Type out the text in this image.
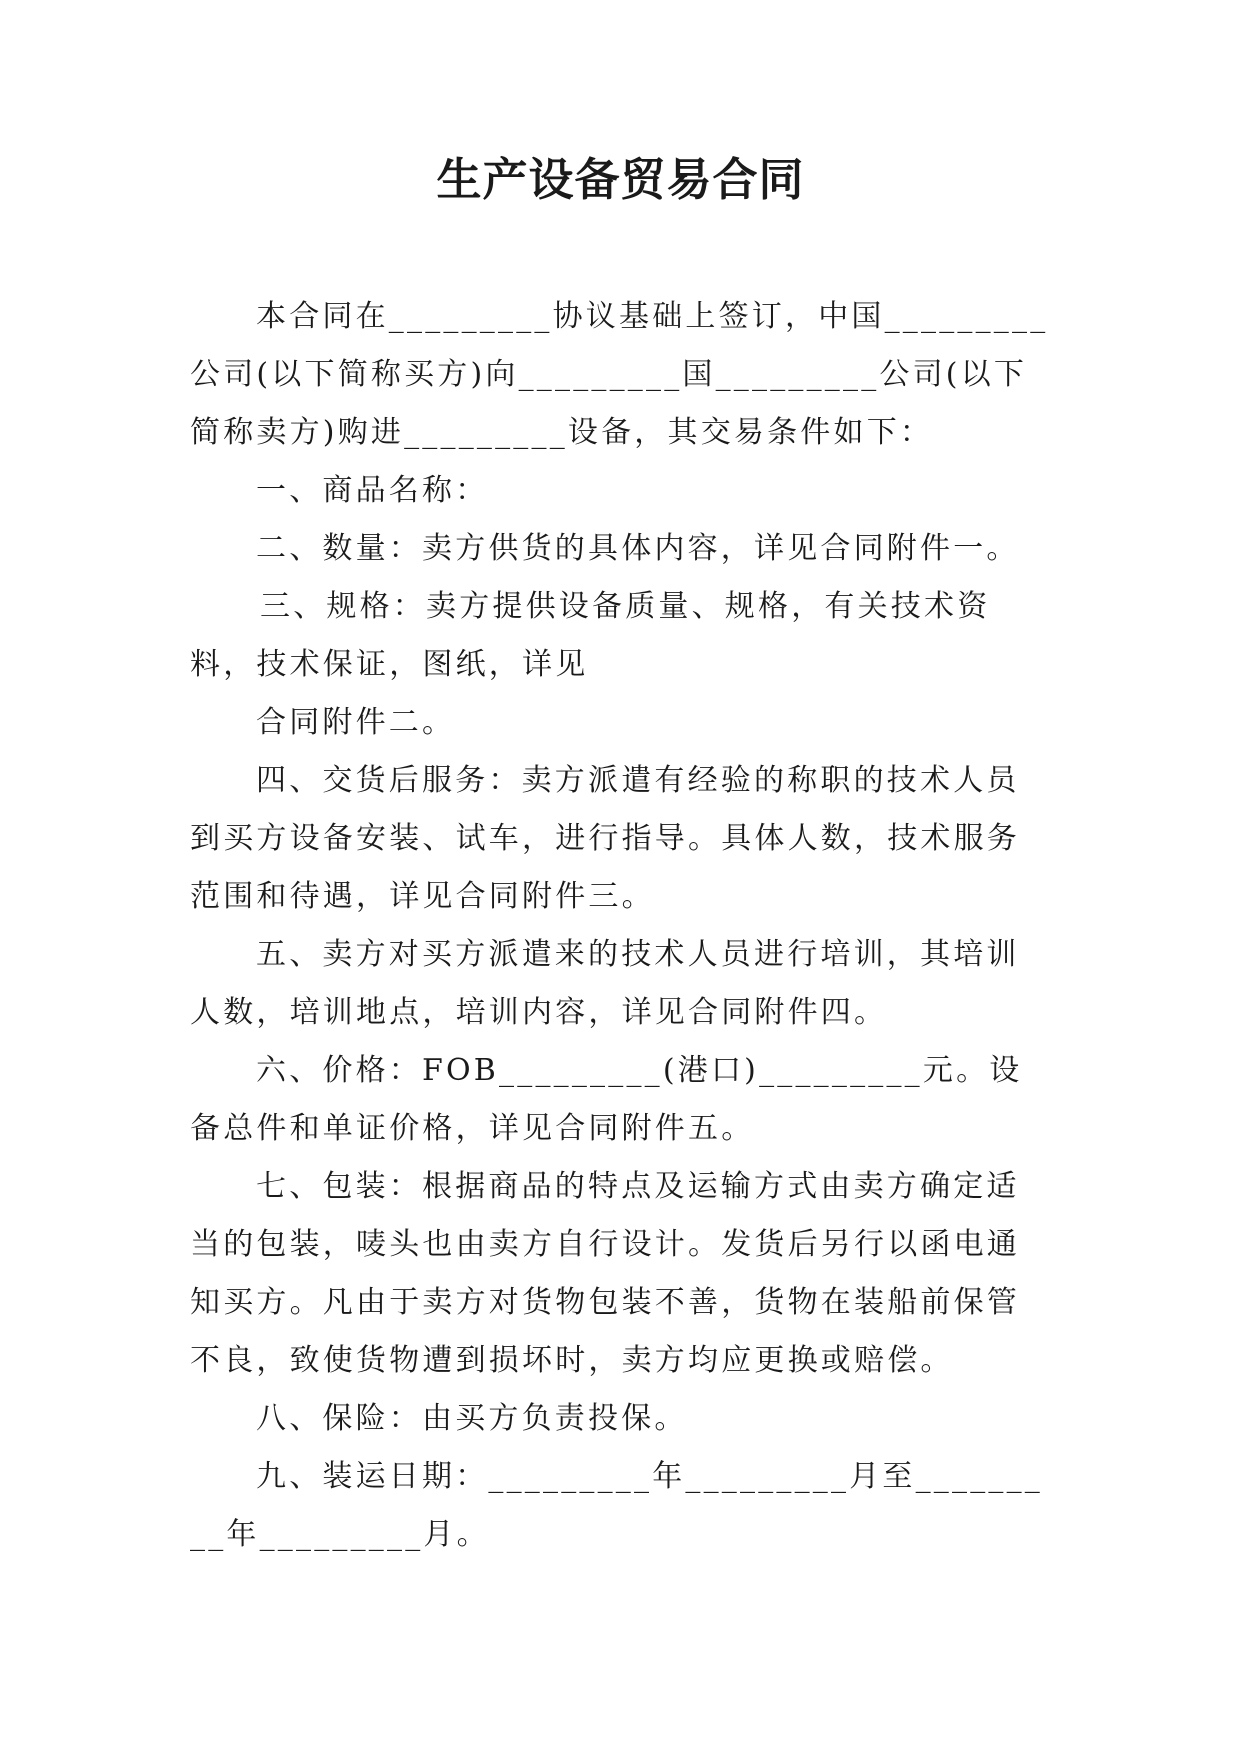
生产设备贸易合同

本合同在_________协议基础上签订，中国_________公司(以下简称买方)向_________国_________公司(以下简称卖方)购进_________设备，其交易条件如下：

一、商品名称：

二、数量：卖方供货的具体内容，详见合同附件一。

三、规格：卖方提供设备质量、规格，有关技术资料，技术保证，图纸，详见

合同附件二。

四、交货后服务：卖方派遣有经验的称职的技术人员到买方设备安装、试车，进行指导。具体人数，技术服务范围和待遇，详见合同附件三。

五、卖方对买方派遣来的技术人员进行培训，其培训人数，培训地点，培训内容，详见合同附件四。

六、价格：FOB_________(港口)_________元。设备总件和单证价格，详见合同附件五。

七、包装：根据商品的特点及运输方式由卖方确定适当的包装，唛头也由卖方自行设计。发货后另行以函电通知买方。凡由于卖方对货物包装不善，货物在装船前保管不良，致使货物遭到损坏时，卖方均应更换或赔偿。

八、保险：由买方负责投保。

九、装运日期：_________年_________月至_________年_________月。
